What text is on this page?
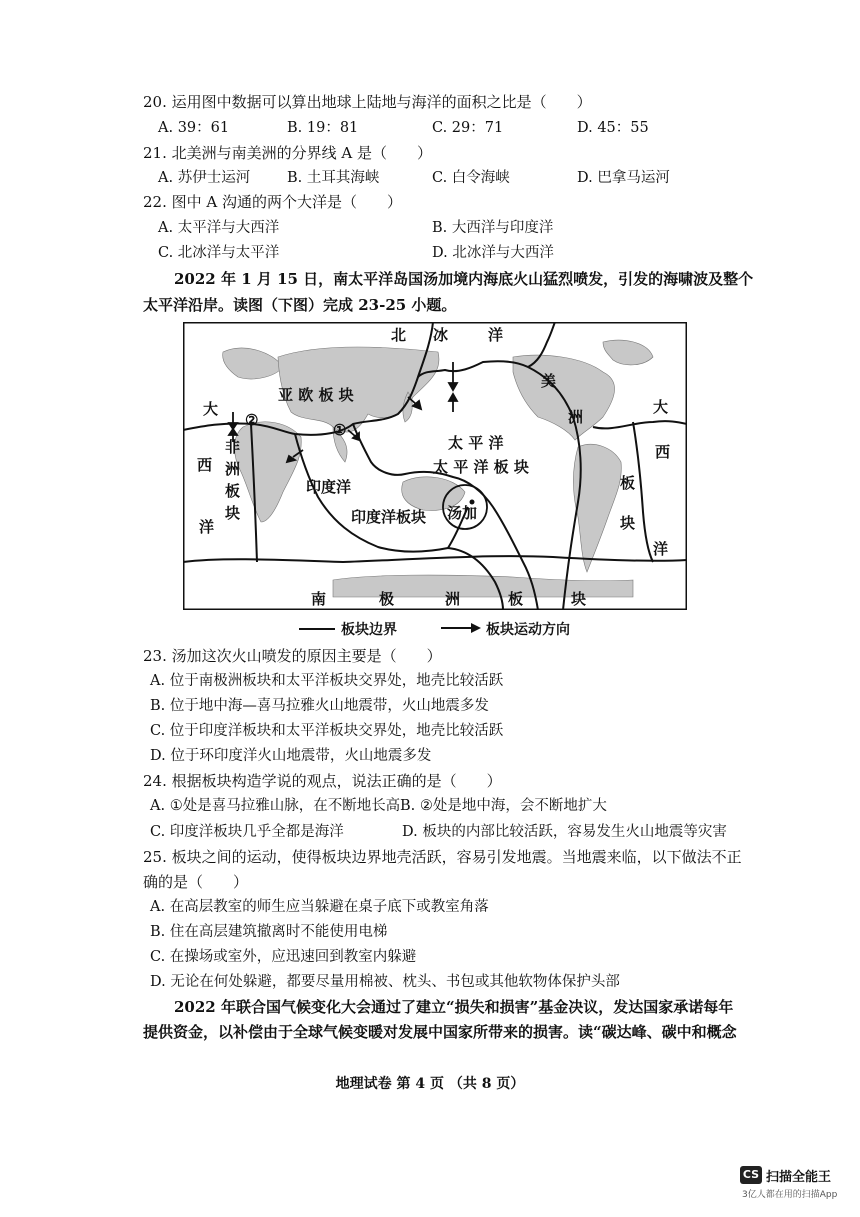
20. 运用图中数据可以算出地球上陆地与海洋的面积之比是（　　）
A. 39：61	B. 19：81	C. 29：71	D. 45：55
21. 北美洲与南美洲的分界线 A 是（　　）
A. 苏伊士运河	B. 土耳其海峡	C. 白令海峡	D. 巴拿马运河
22. 图中 A 沟通的两个大洋是（　　）
A. 太平洋与大西洋	B. 大西洋与印度洋
C. 北冰洋与太平洋	D. 北冰洋与大西洋
2022 年 1 月 15 日，南太平洋岛国汤加境内海底火山猛烈喷发，引发的海啸波及整个
太平洋沿岸。读图（下图）完成 23-25 小题。
北 冰	洋
美
洲
大
西
洋
大
西
洋
板
块
亚 欧 板 块
非
洲
板
块
印度洋
印度洋板块
太 平 洋
太 平 洋 板 块
汤加
①
②
南	极	洲	板	块
板块边界	板块运动方向
23. 汤加这次火山喷发的原因主要是（　　）
A. 位于南极洲板块和太平洋板块交界处，地壳比较活跃
B. 位于地中海—喜马拉雅火山地震带，火山地震多发
C. 位于印度洋板块和太平洋板块交界处，地壳比较活跃
D. 位于环印度洋火山地震带，火山地震多发
24. 根据板块构造学说的观点，说法正确的是（　　）
A. ①处是喜马拉雅山脉，在不断地长高 B. ②处是地中海，会不断地扩大
C. 印度洋板块几乎全都是海洋	D. 板块的内部比较活跃，容易发生火山地震等灾害
25. 板块之间的运动，使得板块边界地壳活跃，容易引发地震。当地震来临，以下做法不正
确的是（　　）
A. 在高层教室的师生应当躲避在桌子底下或教室角落
B. 住在高层建筑撤离时不能使用电梯
C. 在操场或室外，应迅速回到教室内躲避
D. 无论在何处躲避，都要尽量用棉被、枕头、书包或其他软物体保护头部
2022 年联合国气候变化大会通过了建立“损失和损害”基金决议，发达国家承诺每年
提供资金，以补偿由于全球气候变暖对发展中国家所带来的损害。读“碳达峰、碳中和概念
地理试卷 第 4 页 （共 8 页）
CS 扫描全能王
3亿人都在用的扫描App
